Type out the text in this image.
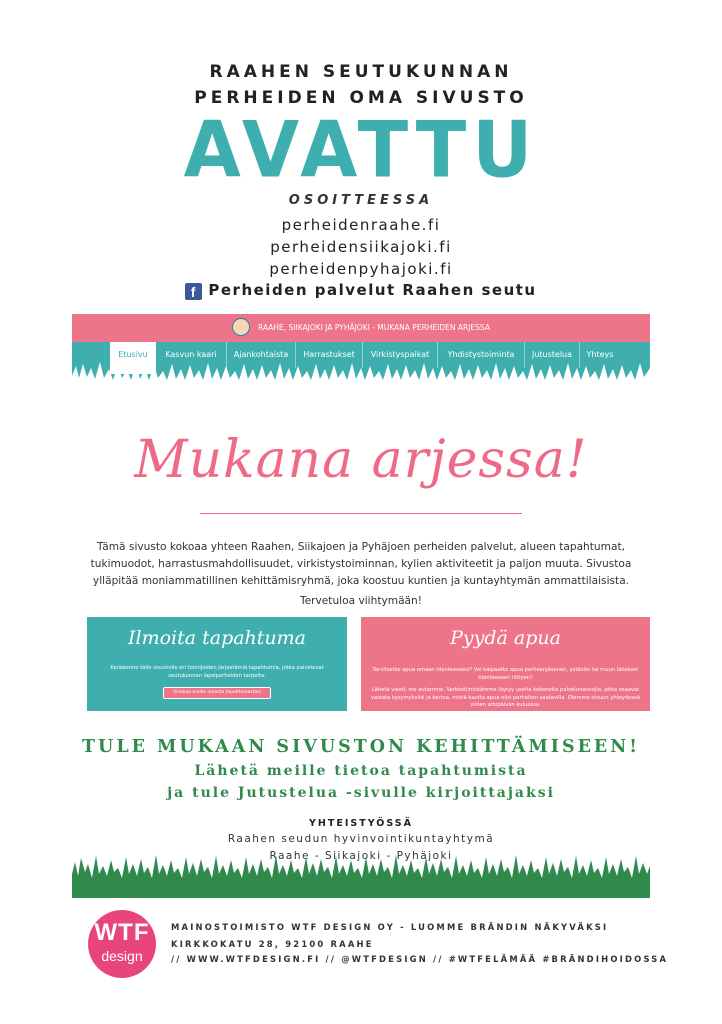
RAAHEN SEUTUKUNNAN
PERHEIDEN OMA SIVUSTO
AVATTU
OSOITTEESSA
perheidenraahe.fi
perheidensiikajoki.fi
perheidenpyhajoki.fi
f Perheiden palvelut Raahen seutu
RAAHE, SIIKAJOKI JA PYHÄJOKI - MUKANA PERHEIDEN ARJESSA
Etusivu	Kasvun kaari	Ajankohtaista	Harrastukset	Virkistyspaikat	Yhdistystoiminta	Jutustelua	Yhteys
Mukana arjessa!
Tämä sivusto kokoaa yhteen Raahen, Siikajoen ja Pyhäjoen perheiden palvelut, alueen tapahtumat, tukimuodot, harrastusmahdollisuudet, virkistystoiminnan, kylien aktiviteetit ja paljon muuta. Sivustoa ylläpitää moniammatillinen kehittämisryhmä, joka koostuu kuntien ja kuntayhtymän ammattilaisista.
Tervetuloa viihtymään!
Ilmoita tapahtuma
Keräämme tälle sivustolle eri toimijoiden järjestämiä tapahtumia, jotka palvelevat seutukunnan lapsiperheiden tarpeita.
Vinkkaa meille omasta tapahtumastasi
Pyydä apua
Tarvitsetko apua omaan tilanteeseesi? Voi kaipaatko apua perheenjäsenen, ystävän tai muun läheisen tilanteeseen liittyen?
Lähetä viesti, me autamme. Verkkotiimistämme löytyy useita kokeneita palveluneuvojia, jotka osaavat vastata kysymyksiisi ja kertoa, mistä kautta apua olisi parhaiten saatavilla. Olemme sinuun yhteydessä viiden arkipäivän kuluessa.
TULE MUKAAN SIVUSTON KEHITTÄMISEEN!
Lähetä meille tietoa tapahtumista
ja tule Jutustelua -sivulle kirjoittajaksi
YHTEISTYÖSSÄ
Raahen seudun hyvinvointikuntayhtymä
Raahe - Siikajoki - Pyhäjoki
WTF
design
MAINOSTOIMISTO WTF DESIGN OY - LUOMME BRÄNDIN NÄKYVÄKSI
KIRKKOKATU 28, 92100 RAAHE
// WWW.WTFDESIGN.FI // @WTFDESIGN // #WTFELÄMÄÄ #BRÄNDIHOIDOSSA
